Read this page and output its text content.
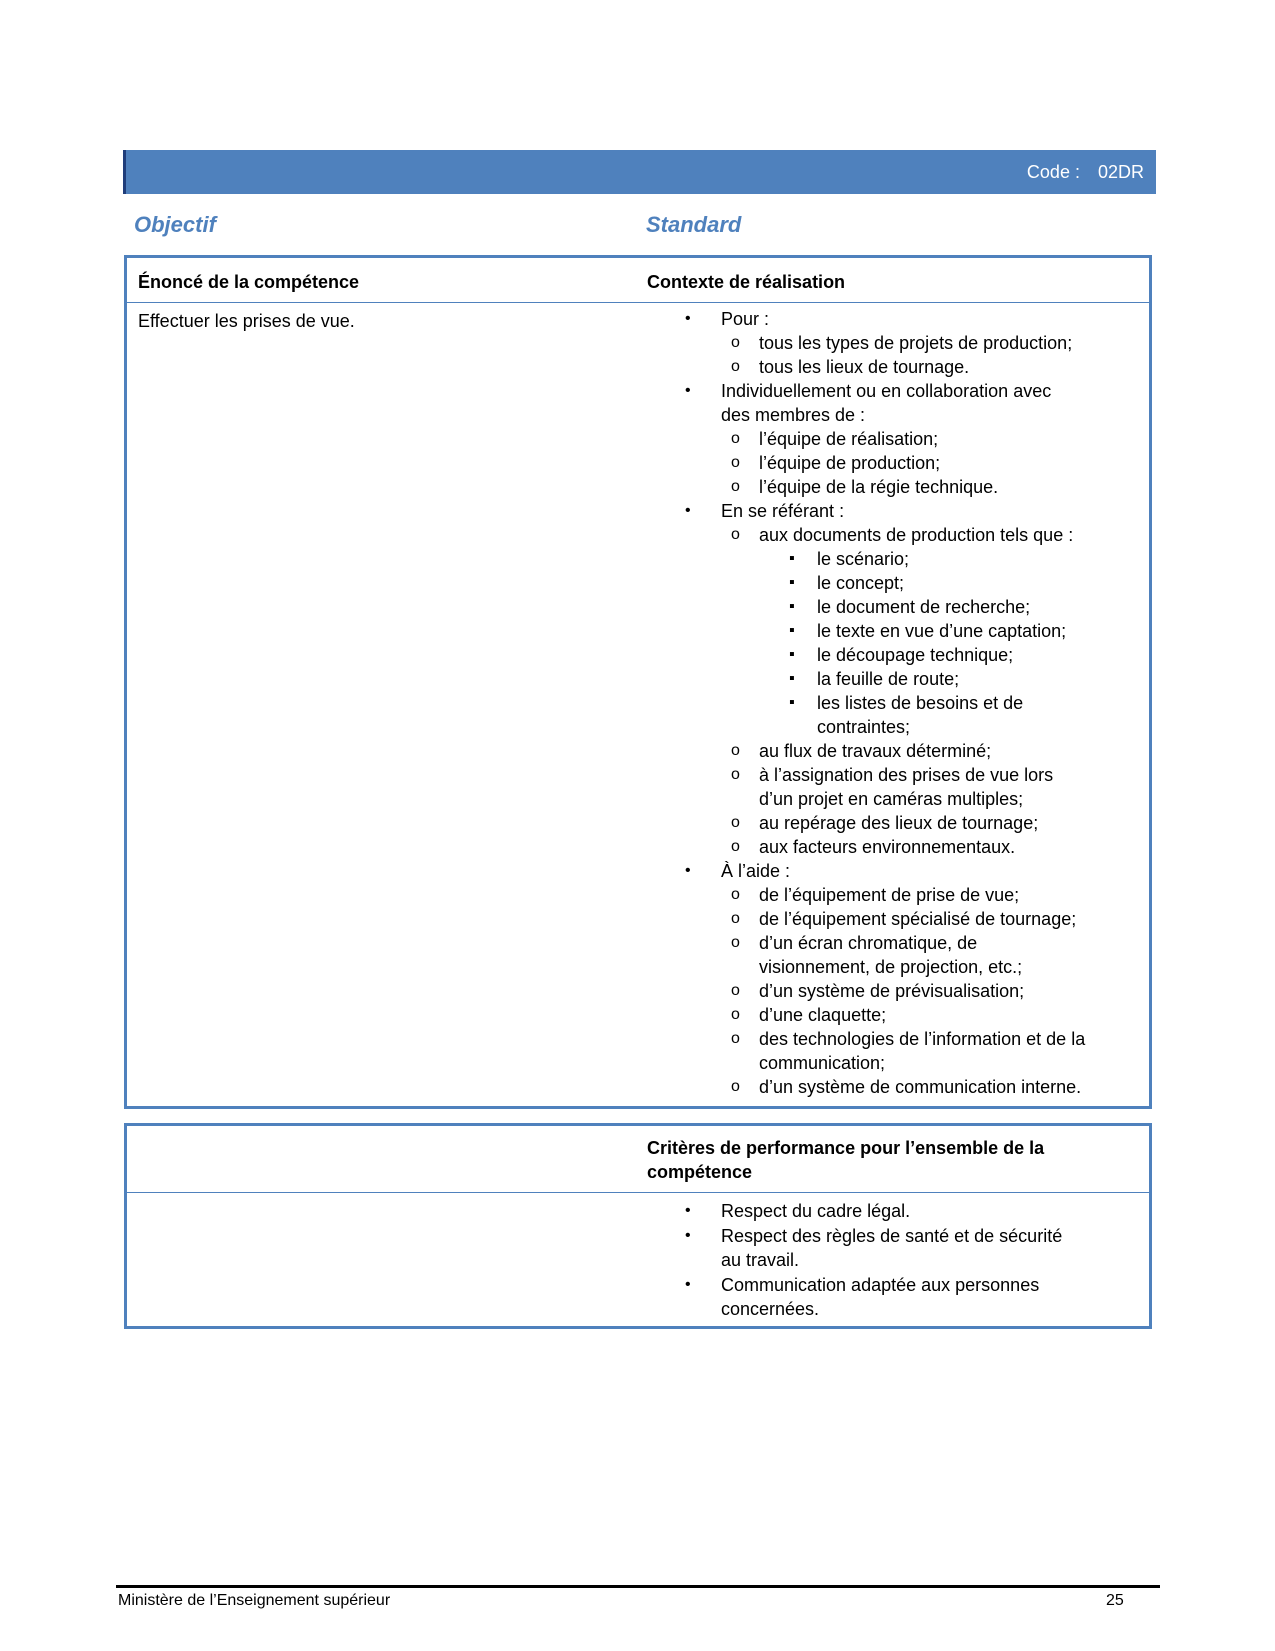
Code : 02DR
Objectif	Standard
Énoncé de la compétence	Contexte de réalisation
Effectuer les prises de vue.	• Pour :
o tous les types de projets de production;
o tous les lieux de tournage.
• Individuellement ou en collaboration avec
des membres de :
o l’équipe de réalisation;
o l’équipe de production;
o l’équipe de la régie technique.
• En se référant :
o aux documents de production tels que :
▪ le scénario;
▪ le concept;
▪ le document de recherche;
▪ le texte en vue d’une captation;
▪ le découpage technique;
▪ la feuille de route;
▪ les listes de besoins et de
contraintes;
o au flux de travaux déterminé;
o à l’assignation des prises de vue lors
d’un projet en caméras multiples;
o au repérage des lieux de tournage;
o aux facteurs environnementaux.
• À l’aide :
o de l’équipement de prise de vue;
o de l’équipement spécialisé de tournage;
o d’un écran chromatique, de
visionnement, de projection, etc.;
o d’un système de prévisualisation;
o d’une claquette;
o des technologies de l’information et de la
communication;
o d’un système de communication interne.
Critères de performance pour l’ensemble de la
compétence
• Respect du cadre légal.
• Respect des règles de santé et de sécurité
au travail.
• Communication adaptée aux personnes
concernées.
Ministère de l’Enseignement supérieur	25
